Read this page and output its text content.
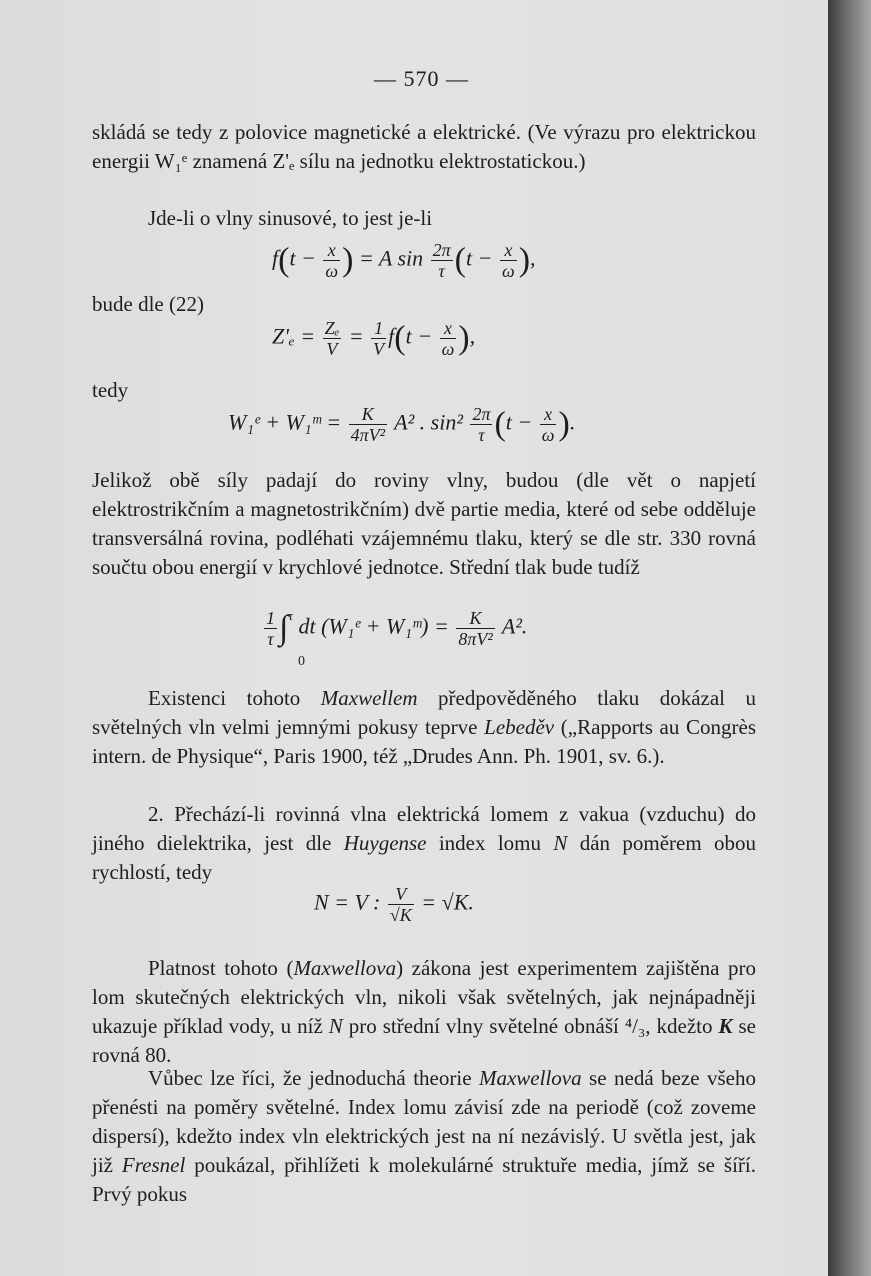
— 570 —

skládá se tedy z polovice magnetické a elektrické. (Ve výrazu pro elektrickou energii W₁ᵉ znamená Z'ₑ sílu na jednotku elektrostatickou.)

Jde-li o vlny sinusové, to jest je-li
$f(t - \frac{x}{\omega}$ ) = A $\sin \frac{2\pi}{\tau} (t - \frac{x}{\omega}$ ),
bude dle (22)
$Z'_e = \frac{\text{Zₑ}}{V} = \frac{1}{V} f(t - \frac{x}{\omega}$ ),
tedy
W₁ᵉ + W₁ᵐ = $\frac{K}{\text{4πV²}} A^2$ . $\sin^2 \frac{2\pi}{\tau} (t - \frac{x}{\omega}$ ).

Jelikož obě síly padají do roviny vlny, budou (dle vět o napjetí elektrostrikčním a magnetostrikčním) dvě partie media, které od sebe odděluje transversálná rovina, podléhati vzájemnému tlaku, který se dle str. 330 rovná součtu obou energií v krychlové jednotce. Střední tlak bude tudíž

$\frac{1}{\tau} \int^\tau$ dt (W₁ᵉ + W₁ᵐ) = $\frac{K}{\text{8πV²}} A^2$.
0

Existenci tohoto Maxwellem předpověděného tlaku dokázal u světelných vln velmi jemnými pokusy teprve Lebeděv („Rapports au Congrès intern. de Physique“, Paris 1900, též „Drudes Ann. Ph. 1901, sv. 6.).

2. Přechází-li rovinná vlna elektrická lomem z vakua (vzduchu) do jiného dielektrika, jest dle Huygense index lomu N dán poměrem obou rychlostí, tedy

N = V : $\frac{V}{√K} = √K$.

Platnost tohoto (Maxwellova) zákona jest experimentem zajištěna pro lom skutečných elektrických vln, nikoli však světelných, jak nejnápadněji ukazuje příklad vody, u níž N pro střední vlny světelné obnáší ⁴/₃, kdežto K se rovná 80.

Vůbec lze říci, že jednoduchá theorie Maxwellova se nedá beze všeho přenésti na poměry světelné. Index lomu závisí zde na periodě (což zoveme dispersí), kdežto index vln elektrických jest na ní nezávislý. U světla jest, jak již Fresnel poukázal, přihlížeti k molekulárné struktuře media, jímž se šíří. Prvý pokus
